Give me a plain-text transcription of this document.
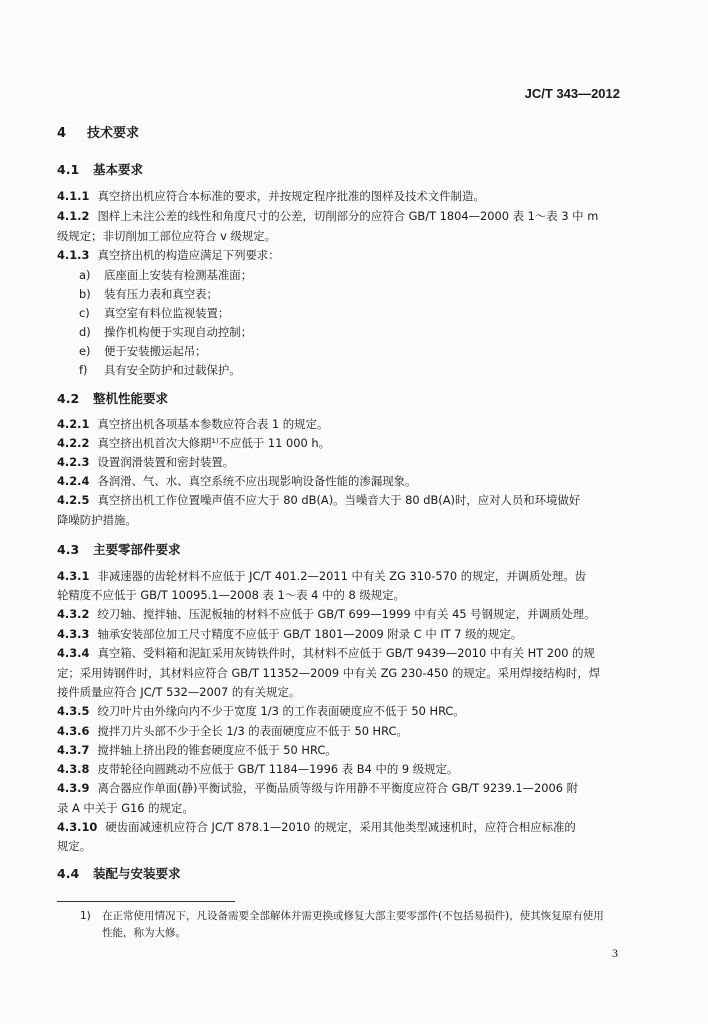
JC/T 343—2012
4 技术要求
4.1 基本要求
4.1.1 真空挤出机应符合本标准的要求，并按规定程序批准的图样及技术文件制造。
4.1.2 图样上未注公差的线性和角度尺寸的公差，切削部分的应符合 GB/T 1804—2000 表 1～表 3 中 m
级规定；非切削加工部位应符合 v 级规定。
4.1.3 真空挤出机的构造应满足下列要求：
a) 底座面上安装有检测基准面；
b) 装有压力表和真空表；
c) 真空室有料位监视装置；
d) 操作机构便于实现自动控制；
e) 便于安装搬运起吊；
f) 具有安全防护和过载保护。
4.2 整机性能要求
4.2.1 真空挤出机各项基本参数应符合表 1 的规定。
4.2.2 真空挤出机首次大修期¹⁾不应低于 11 000 h。
4.2.3 设置润滑装置和密封装置。
4.2.4 各润滑、气、水、真空系统不应出现影响设备性能的渗漏现象。
4.2.5 真空挤出机工作位置噪声值不应大于 80 dB(A)。当噪音大于 80 dB(A)时，应对人员和环境做好
降噪防护措施。
4.3 主要零部件要求
4.3.1 非减速器的齿轮材料不应低于 JC/T 401.2—2011 中有关 ZG 310-570 的规定，并调质处理。齿
轮精度不应低于 GB/T 10095.1—2008 表 1～表 4 中的 8 级规定。
4.3.2 绞刀轴、搅拌轴、压泥板轴的材料不应低于 GB/T 699—1999 中有关 45 号钢规定，并调质处理。
4.3.3 轴承安装部位加工尺寸精度不应低于 GB/T 1801—2009 附录 C 中 IT 7 级的规定。
4.3.4 真空箱、受料箱和泥缸采用灰铸铁件时，其材料不应低于 GB/T 9439—2010 中有关 HT 200 的规
定；采用铸钢件时，其材料应符合 GB/T 11352—2009 中有关 ZG 230-450 的规定。采用焊接结构时，焊
接件质量应符合 JC/T 532—2007 的有关规定。
4.3.5 绞刀叶片由外缘向内不少于宽度 1/3 的工作表面硬度应不低于 50 HRC。
4.3.6 搅拌刀片头部不少于全长 1/3 的表面硬度应不低于 50 HRC。
4.3.7 搅拌轴上挤出段的锥套硬度应不低于 50 HRC。
4.3.8 皮带轮径向圆跳动不应低于 GB/T 1184—1996 表 B4 中的 9 级规定。
4.3.9 离合器应作单面(静)平衡试验，平衡品质等级与许用静不平衡度应符合 GB/T 9239.1—2006 附
录 A 中关于 G16 的规定。
4.3.10 硬齿面减速机应符合 JC/T 878.1—2010 的规定，采用其他类型减速机时，应符合相应标准的
规定。
4.4 装配与安装要求
1) 在正常使用情况下，凡设备需要全部解体并需更换或修复大部主要零部件(不包括易损件)，使其恢复原有使用
性能，称为大修。
3
